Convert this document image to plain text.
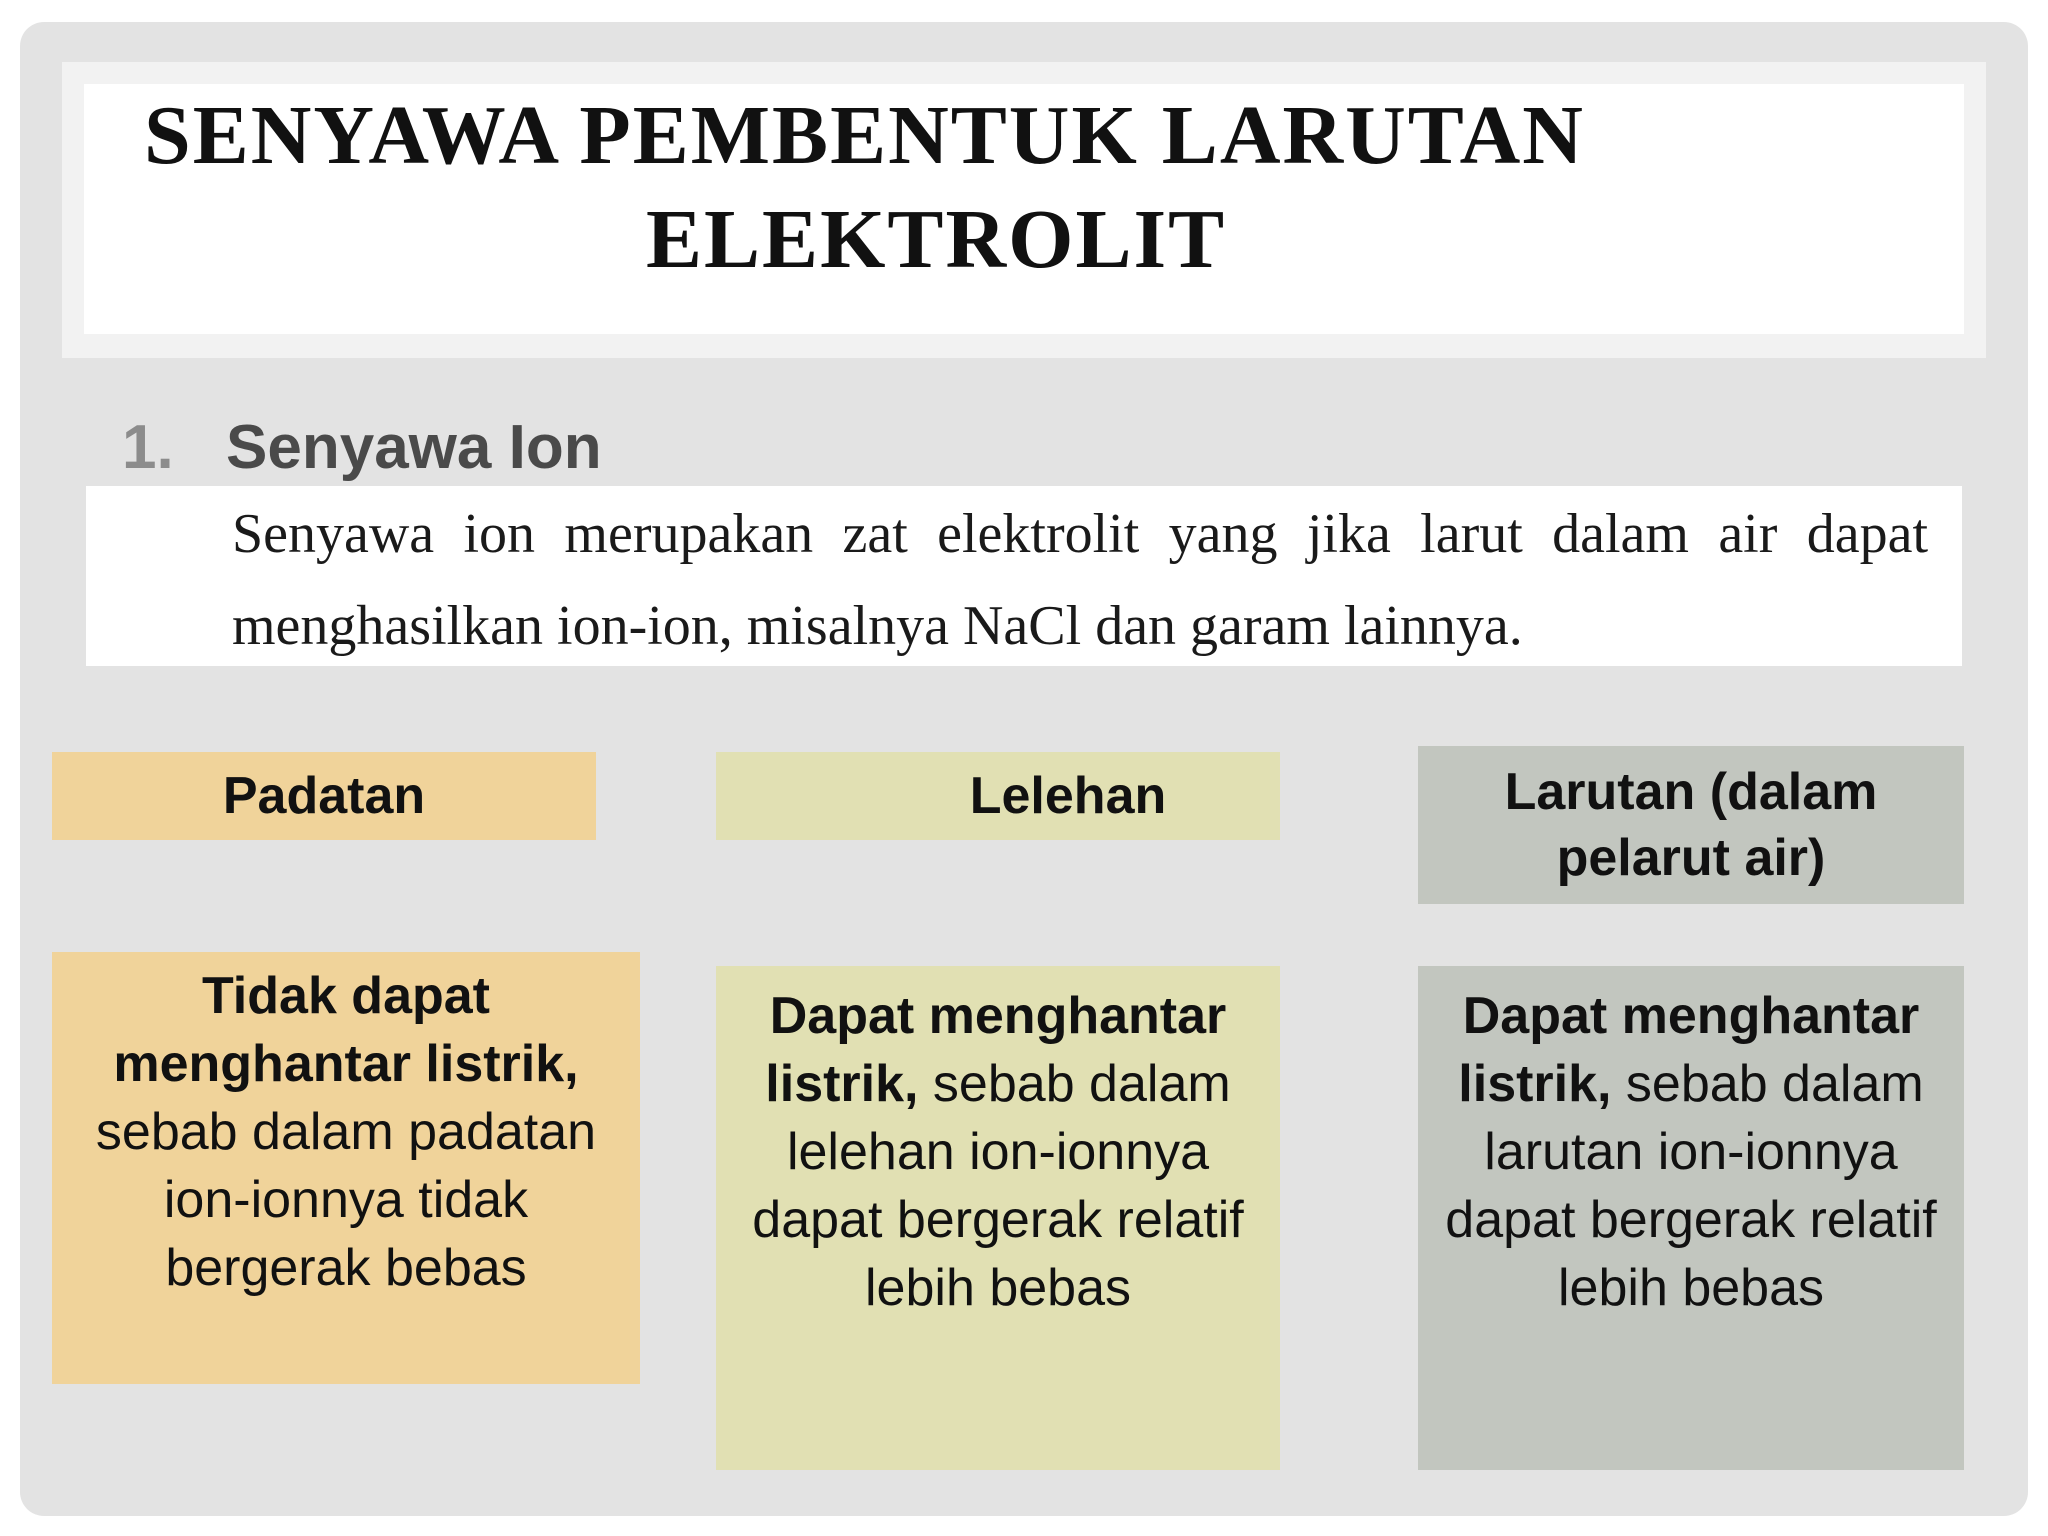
SENYAWA PEMBENTUK LARUTAN
ELEKTROLIT
1. Senyawa Ion

Senyawa ion merupakan zat elektrolit yang jika larut dalam air dapat menghasilkan ion-ion, misalnya NaCl dan garam lainnya.

Padatan	Lelehan	Larutan (dalam pelarut air)
Tidak dapat menghantar listrik, sebab dalam padatan ion-ionnya tidak bergerak bebas
Dapat menghantar listrik, sebab dalam lelehan ion-ionnya dapat bergerak relatif lebih bebas
Dapat menghantar listrik, sebab dalam larutan ion-ionnya dapat bergerak relatif lebih bebas
